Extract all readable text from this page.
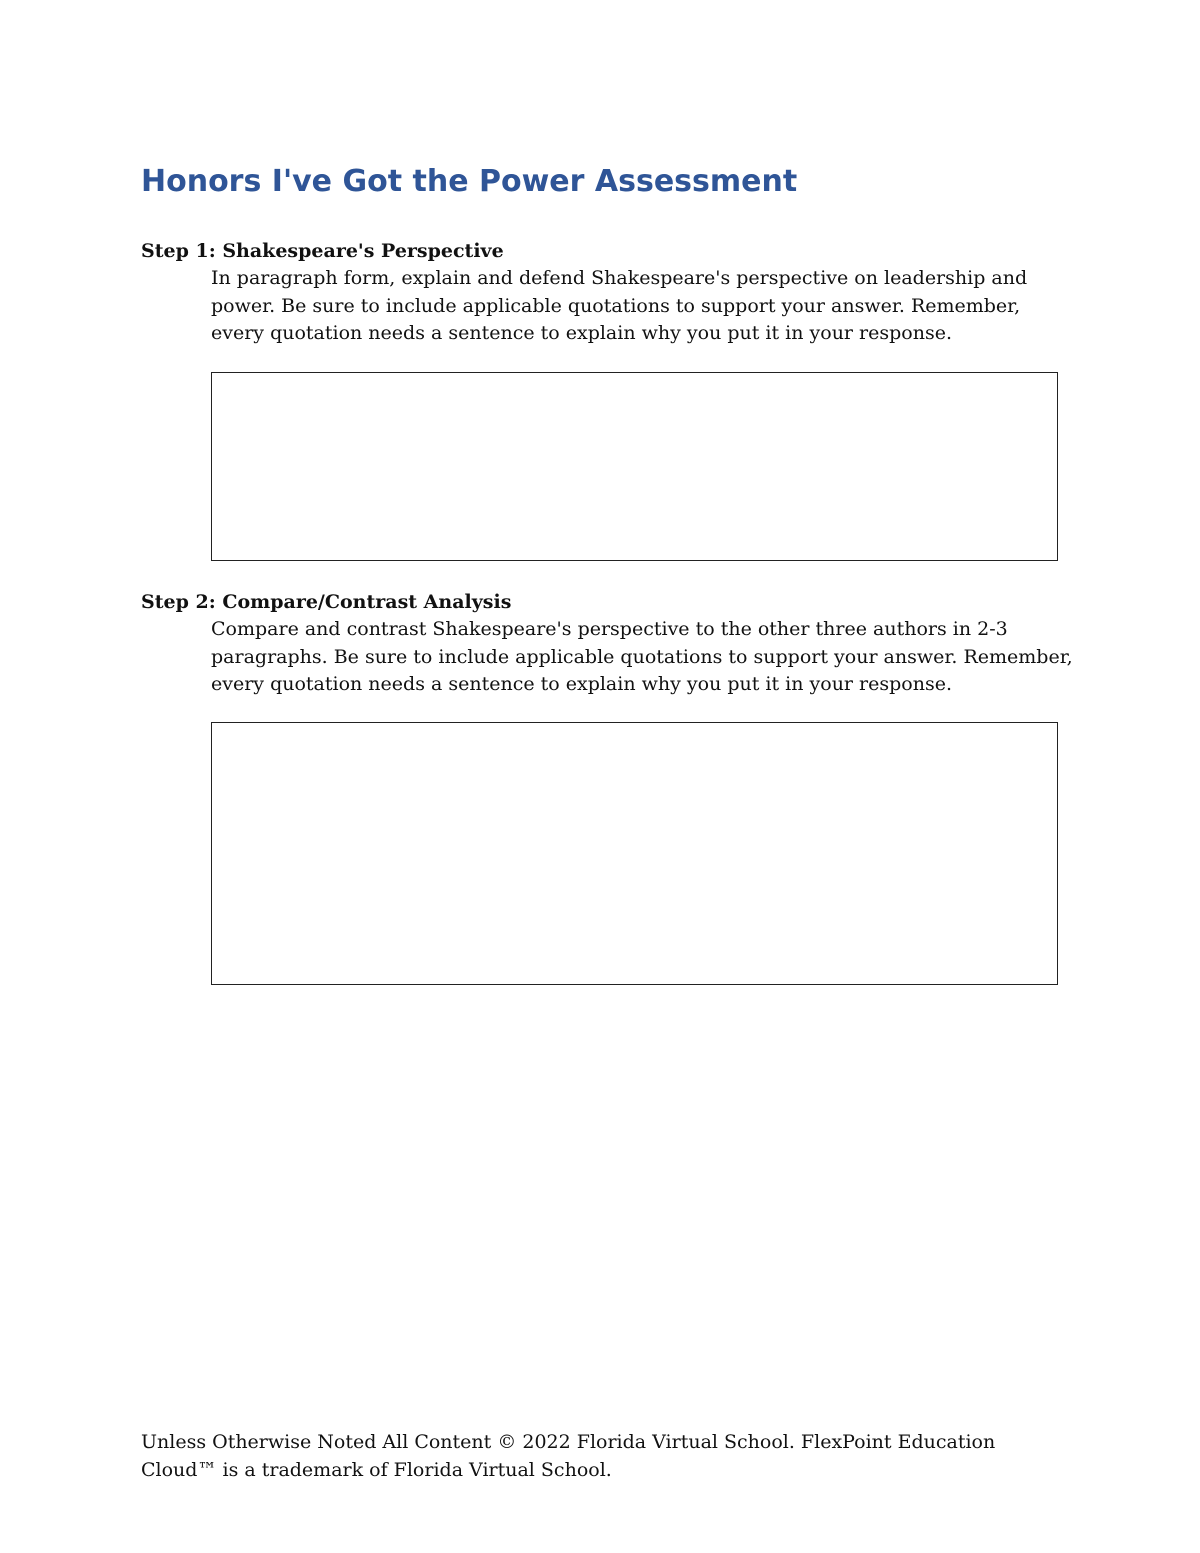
Honors I've Got the Power Assessment
Step 1: Shakespeare's Perspective

In paragraph form, explain and defend Shakespeare's perspective on leadership and
power. Be sure to include applicable quotations to support your answer. Remember,
every quotation needs a sentence to explain why you put it in your response.

Step 2: Compare/Contrast Analysis

Compare and contrast Shakespeare's perspective to the other three authors in 2-3
paragraphs. Be sure to include applicable quotations to support your answer. Remember,
every quotation needs a sentence to explain why you put it in your response.

Unless Otherwise Noted All Content © 2022 Florida Virtual School. FlexPoint Education
Cloud™ is a trademark of Florida Virtual School.
